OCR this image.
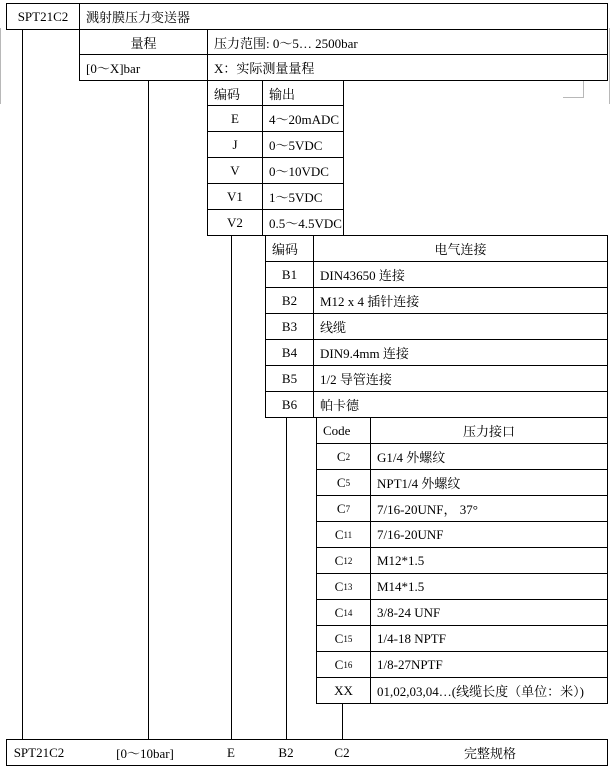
SPT21C2 溅射膜压力变送器
量程	压力范围: 0～5… 2500bar
[0～X]bar	X：实际测量量程
编码 输出
E 4～20mADC
J 0～5VDC
V 0～10VDC
V1 1～5VDC
V2 0.5～4.5VDC
编码	电气连接
B1 DIN43650 连接
B2 M12 x 4 插针连接
B3 线缆
B4 DIN9.4mm 连接
B5 1/2 导管连接
B6 帕卡德
Code	压力接口
C 2 G1/4 外螺纹
C 5 NPT1/4 外螺纹
C 7 7/16-20UNF， 37°
C 11 7/16-20UNF
C 12 M12*1.5
C 13 M14*1.5
C 14 3/8-24 UNF
C 15 1/4-18 NPTF
C 16 1/8-27NPTF
XX 01,02,03,04…(线缆长度（单位：米）)
SPT21C2	[0～10bar]	E	B2	C2	完整规格
